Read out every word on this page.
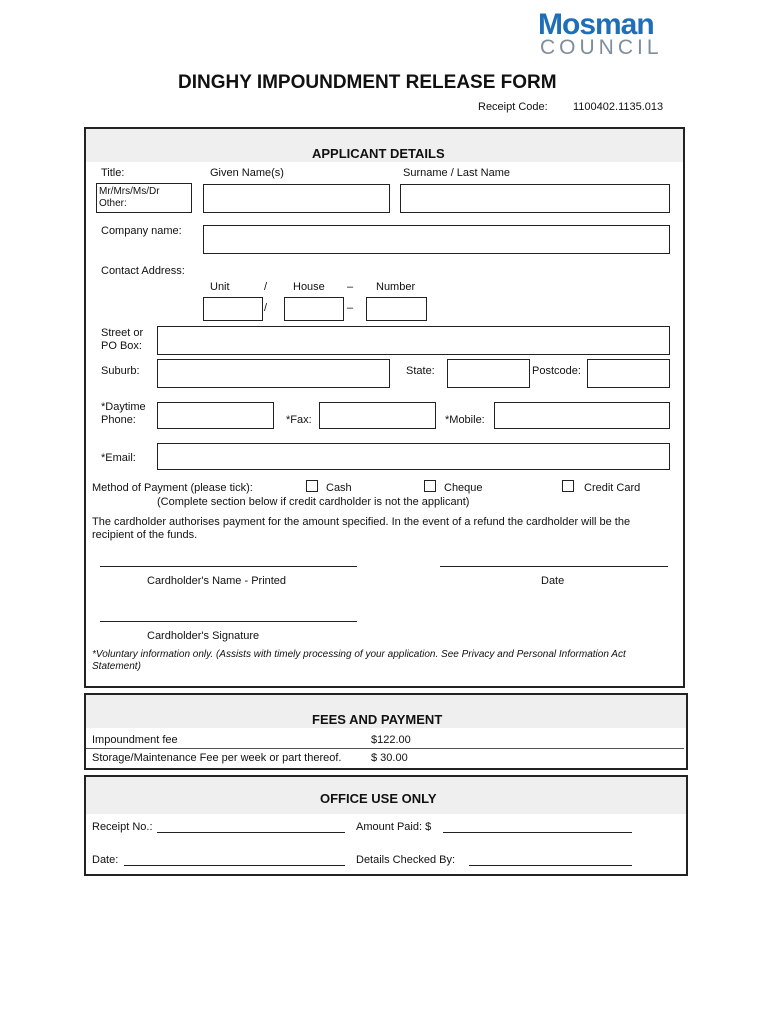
Mosman
COUNCIL
DINGHY IMPOUNDMENT RELEASE FORM
Receipt Code: 1100402.1135.013
APPLICANT DETAILS
Title:	Given Name(s)	Surname / Last Name
Mr/Mrs/Ms/Dr
Other:
Company name:
Contact Address:
Unit	/ House – Number
/	–
Street or
PO Box:
Suburb:	State:	Postcode:
*Daytime
Phone:	*Fax:	*Mobile:
*Email:
Method of Payment (please tick):	Cash	Cheque	Credit Card
(Complete section below if credit cardholder is not the applicant)
The cardholder authorises payment for the amount specified. In the event of a refund the cardholder will be the
recipient of the funds.
Cardholder's Name - Printed	Date
Cardholder's Signature
*Voluntary information only. (Assists with timely processing of your application. See Privacy and Personal Information Act Statement)
FEES AND PAYMENT
Impoundment fee	$122.00
Storage/Maintenance Fee per week or part thereof.	$ 30.00
OFFICE USE ONLY
Receipt No.:	Amount Paid: $
Date:	Details Checked By:
